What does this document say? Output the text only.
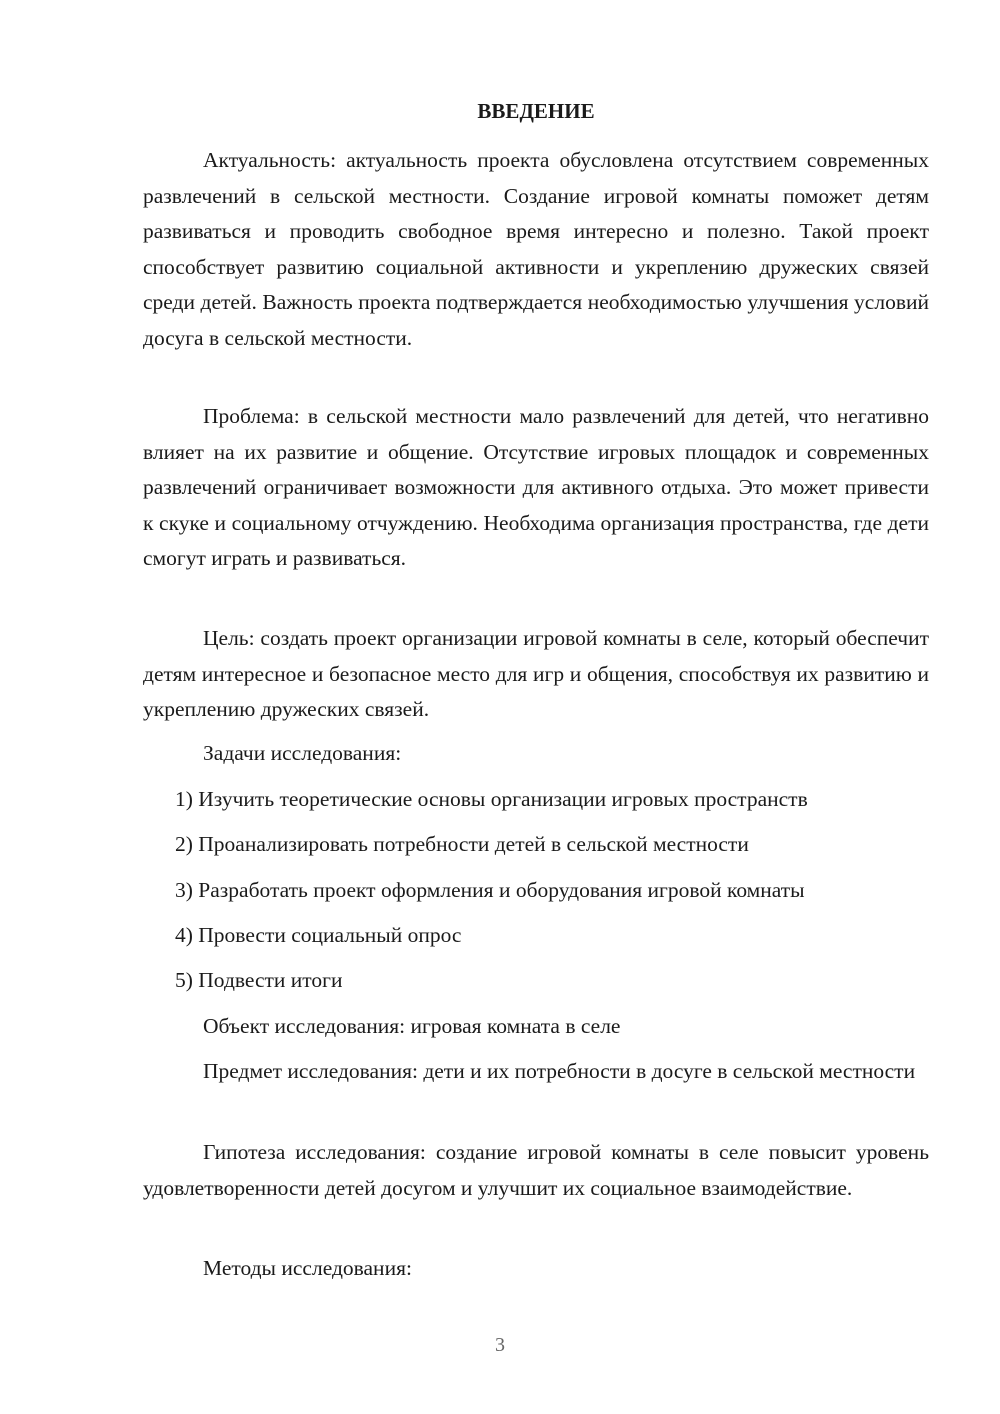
ВВЕДЕНИЕ

Актуальность: актуальность проекта обусловлена отсутствием современных развлечений в сельской местности. Создание игровой комнаты поможет детям развиваться и проводить свободное время интересно и полезно. Такой проект способствует развитию социальной активности и укреплению дружеских связей среди детей. Важность проекта подтверждается необходимостью улучшения условий досуга в сельской местности.

Проблема: в сельской местности мало развлечений для детей, что негативно влияет на их развитие и общение. Отсутствие игровых площадок и современных развлечений ограничивает возможности для активного отдыха. Это может привести к скуке и социальному отчуждению. Необходима организация пространства, где дети смогут играть и развиваться.

Цель: создать проект организации игровой комнаты в селе, который обеспечит детям интересное и безопасное место для игр и общения, способствуя их развитию и укреплению дружеских связей.

Задачи исследования:

1) Изучить теоретические основы организации игровых пространств

2) Проанализировать потребности детей в сельской местности

3) Разработать проект оформления и оборудования игровой комнаты

4) Провести социальный опрос

5) Подвести итоги

Объект исследования: игровая комната в селе

Предмет исследования: дети и их потребности в досуге в сельской местности

Гипотеза исследования: создание игровой комнаты в селе повысит уровень удовлетворенности детей досугом и улучшит их социальное взаимодействие.

Методы исследования:

3
